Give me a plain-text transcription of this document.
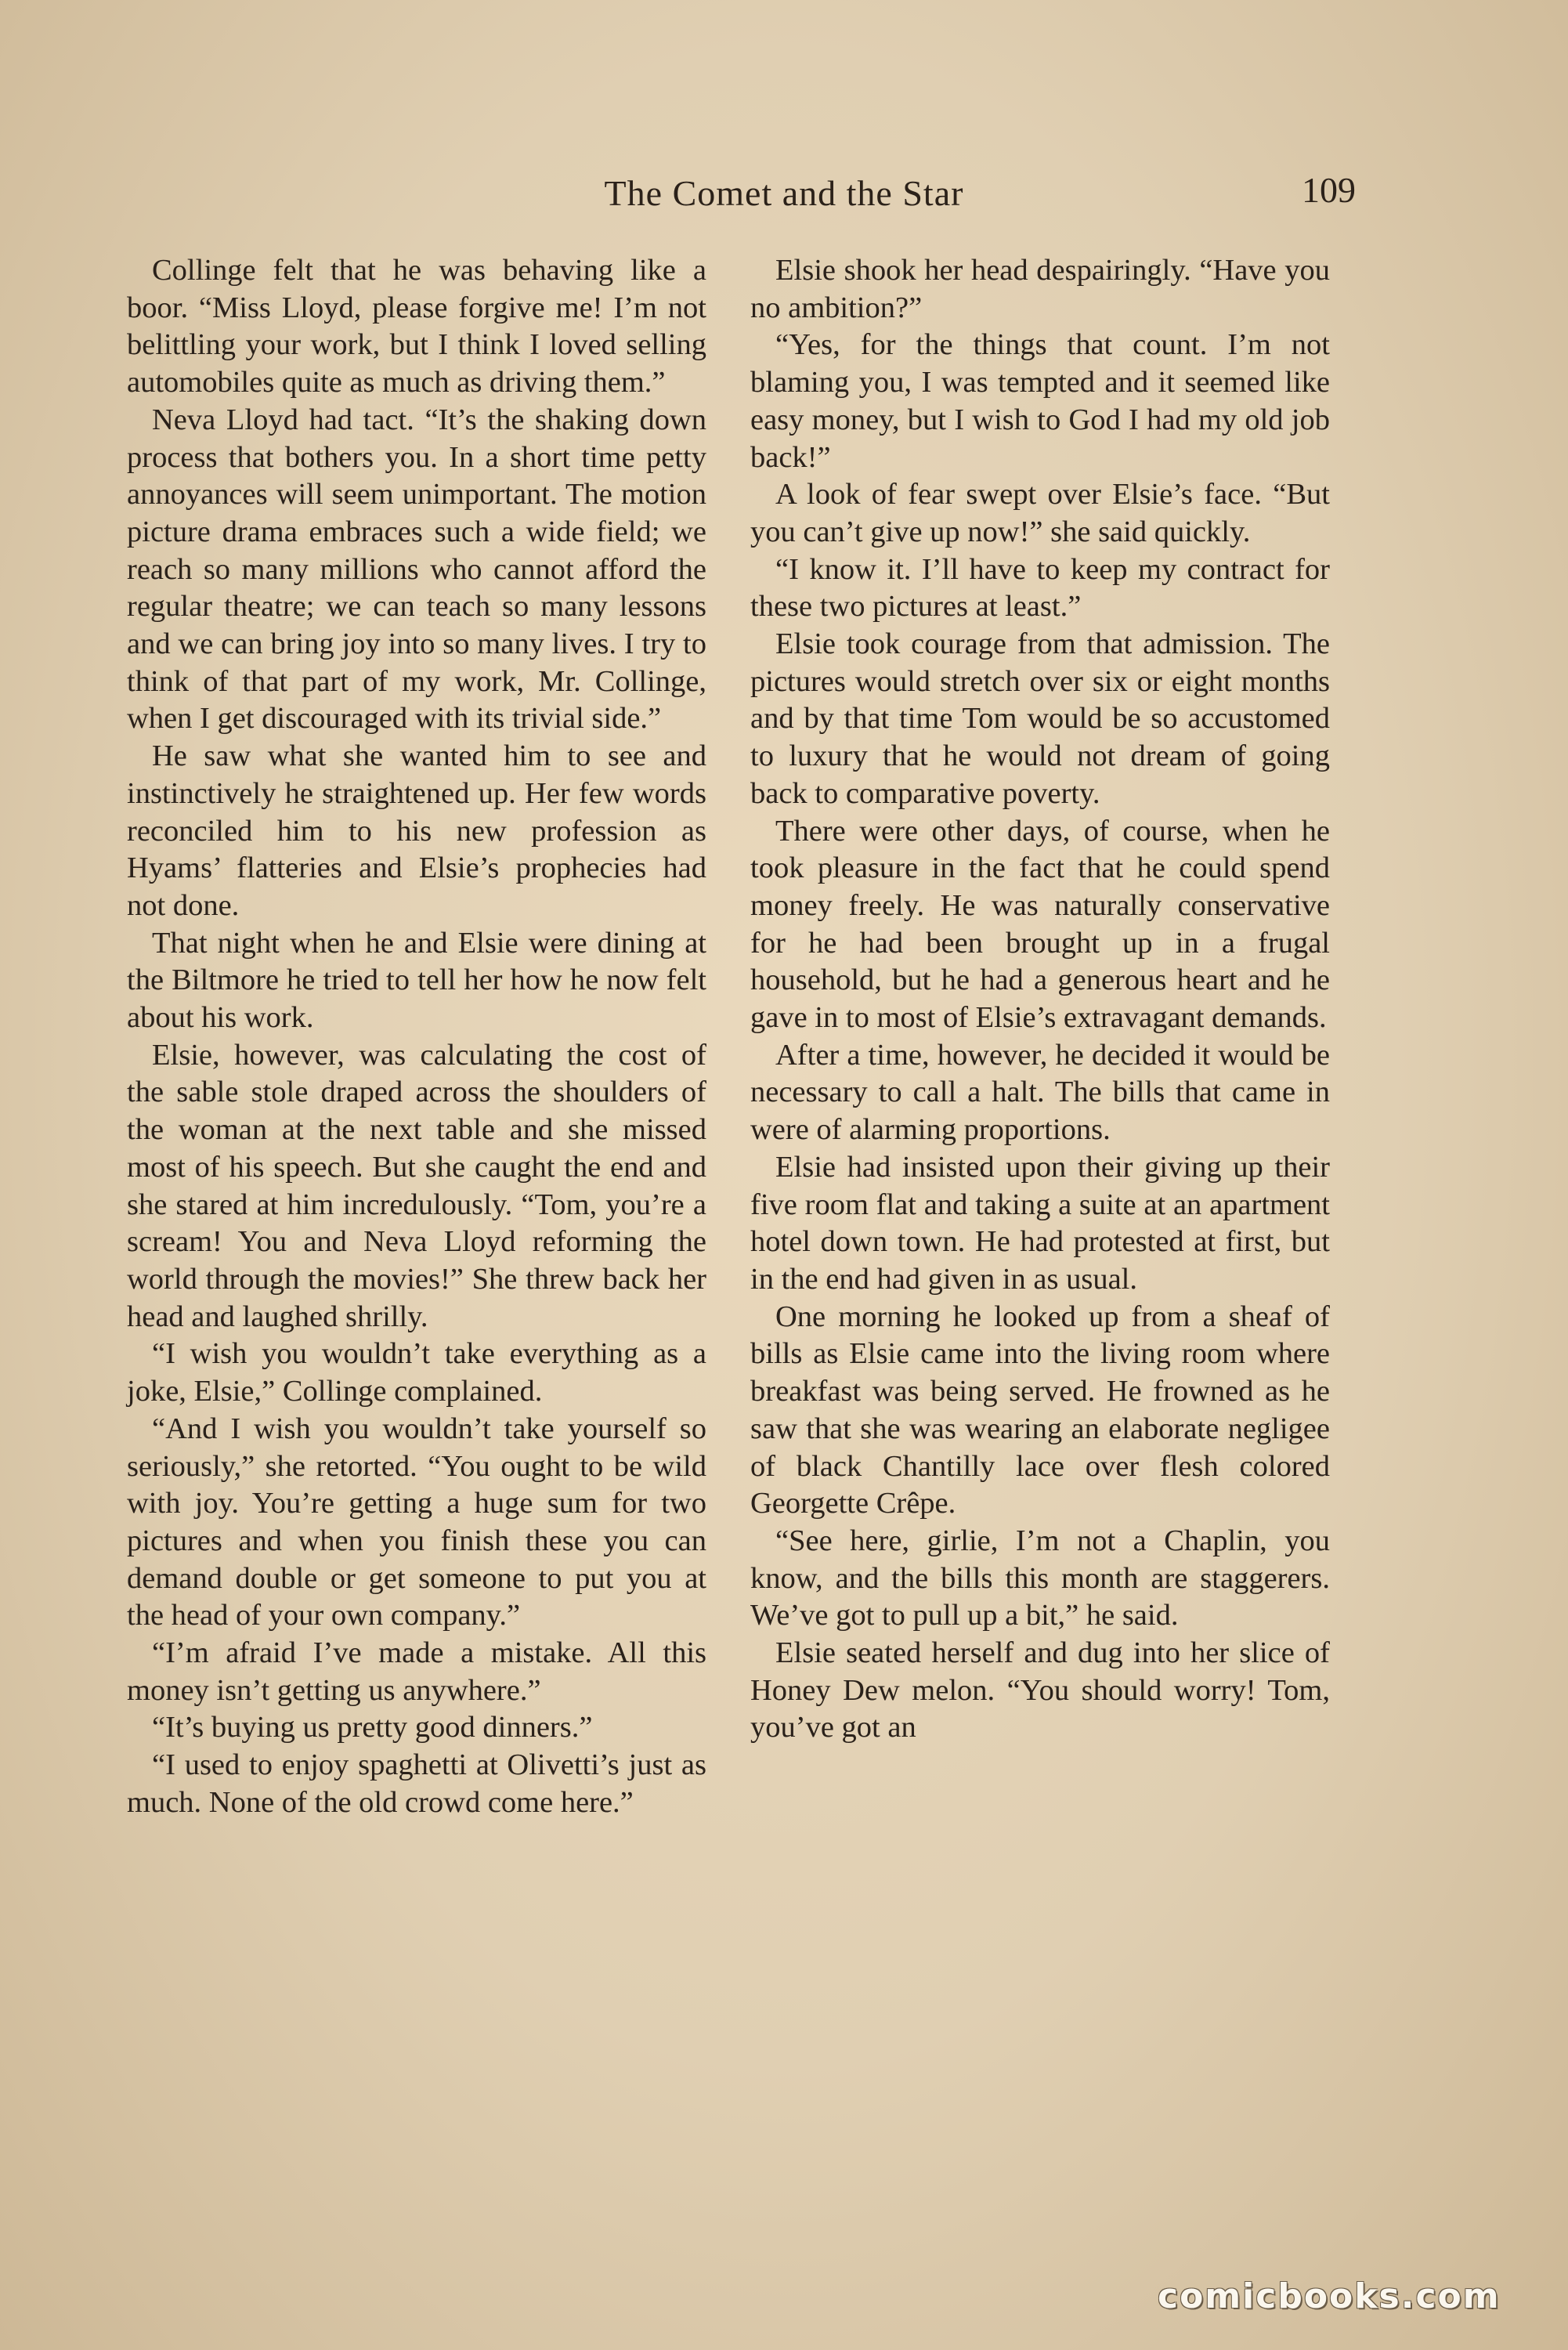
The Comet and the Star	109

Collinge felt that he was behaving like a boor. “Miss Lloyd, please forgive me! I’m not belittling your work, but I think I loved selling automobiles quite as much as driving them.”

Neva Lloyd had tact. “It’s the shaking down process that bothers you. In a short time petty annoyances will seem unimportant. The motion picture drama embraces such a wide field; we reach so many millions who cannot afford the regular theatre; we can teach so many lessons and we can bring joy into so many lives. I try to think of that part of my work, Mr. Collinge, when I get discouraged with its trivial side.”

He saw what she wanted him to see and instinctively he straightened up. Her few words reconciled him to his new profession as Hyams’ flatteries and Elsie’s prophecies had not done.

That night when he and Elsie were dining at the Biltmore he tried to tell her how he now felt about his work.

Elsie, however, was calculating the cost of the sable stole draped across the shoulders of the woman at the next table and she missed most of his speech. But she caught the end and she stared at him incredulously. “Tom, you’re a scream! You and Neva Lloyd reforming the world through the movies!” She threw back her head and laughed shrilly.

“I wish you wouldn’t take everything as a joke, Elsie,” Collinge complained.

“And I wish you wouldn’t take yourself so seriously,” she retorted. “You ought to be wild with joy. You’re getting a huge sum for two pictures and when you finish these you can demand double or get someone to put you at the head of your own company.”

“I’m afraid I’ve made a mistake. All this money isn’t getting us anywhere.”

“It’s buying us pretty good dinners.”

“I used to enjoy spaghetti at Olivetti’s just as much. None of the old crowd come here.”

Elsie shook her head despairingly. “Have you no ambition?”

“Yes, for the things that count. I’m not blaming you, I was tempted and it seemed like easy money, but I wish to God I had my old job back!”

A look of fear swept over Elsie’s face. “But you can’t give up now!” she said quickly.

“I know it. I’ll have to keep my contract for these two pictures at least.”

Elsie took courage from that admission. The pictures would stretch over six or eight months and by that time Tom would be so accustomed to luxury that he would not dream of going back to comparative poverty.

There were other days, of course, when he took pleasure in the fact that he could spend money freely. He was naturally conservative for he had been brought up in a frugal household, but he had a generous heart and he gave in to most of Elsie’s extravagant demands.

After a time, however, he decided it would be necessary to call a halt. The bills that came in were of alarming proportions.

Elsie had insisted upon their giving up their five room flat and taking a suite at an apartment hotel down town. He had protested at first, but in the end had given in as usual.

One morning he looked up from a sheaf of bills as Elsie came into the living room where breakfast was being served. He frowned as he saw that she was wearing an elaborate negligee of black Chantilly lace over flesh colored Georgette Crêpe.

“See here, girlie, I’m not a Chaplin, you know, and the bills this month are staggerers. We’ve got to pull up a bit,” he said.

Elsie seated herself and dug into her slice of Honey Dew melon. “You should worry! Tom, you’ve got an

comicbooks.com
